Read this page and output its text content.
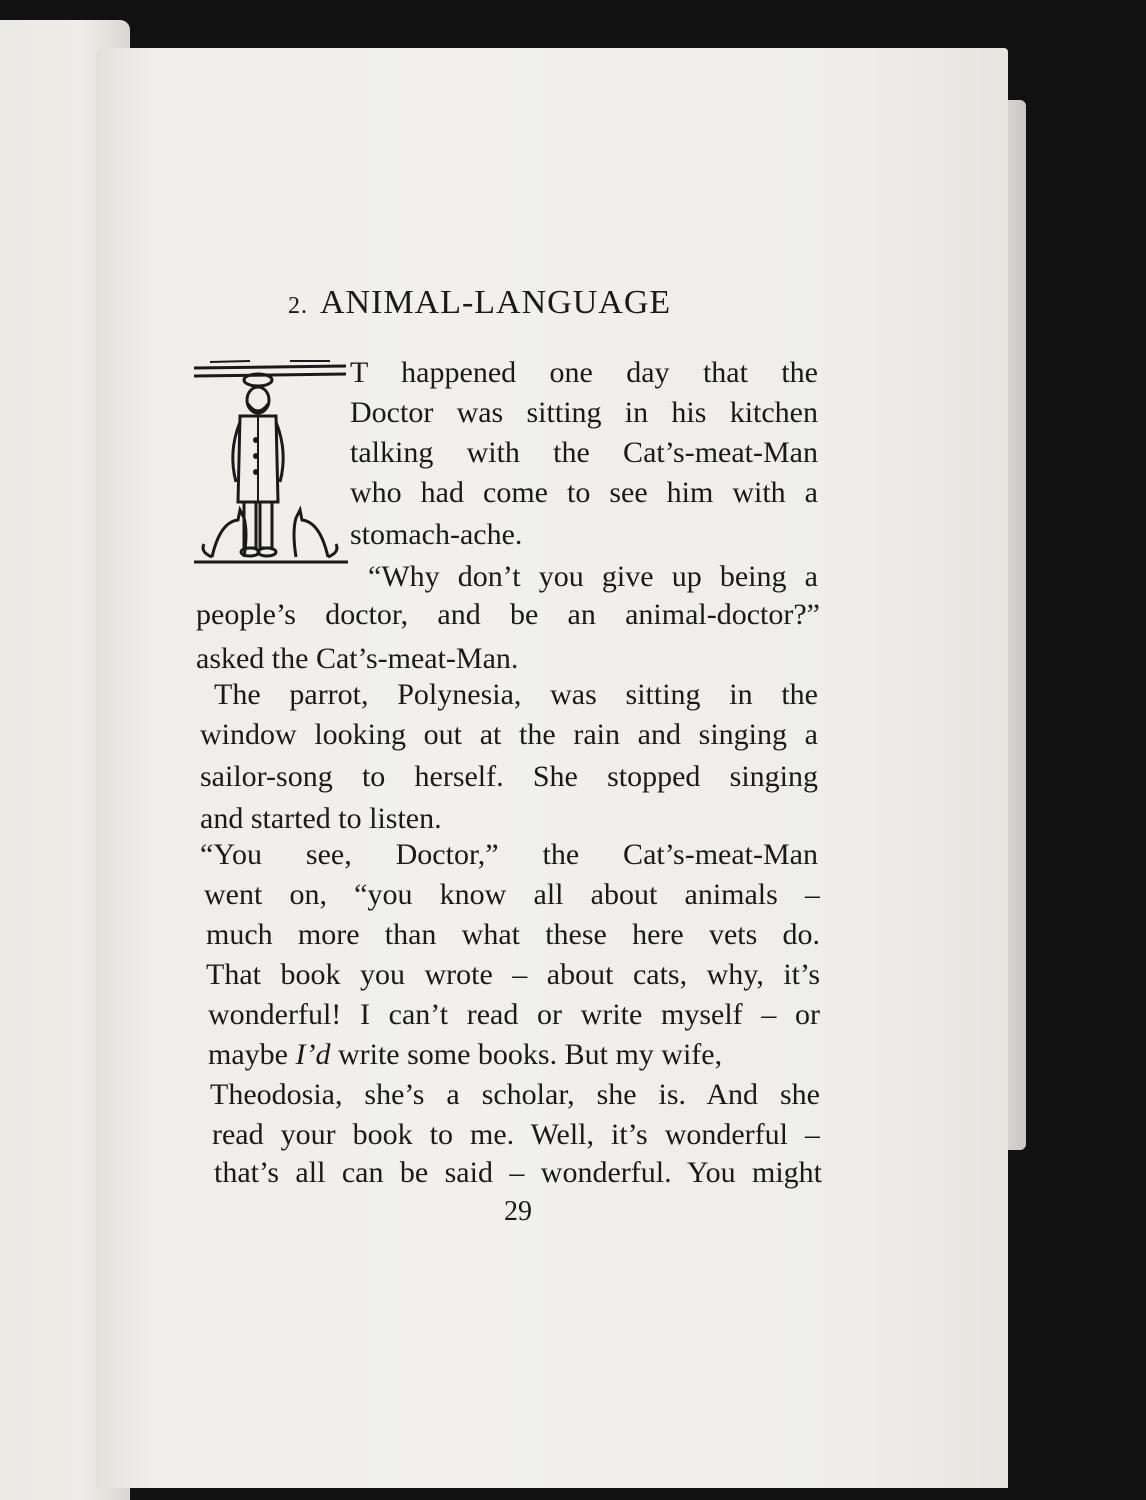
2. ANIMAL-LANGUAGE
T happened one day that the
Doctor was sitting in his kitchen
talking with the Cat’s-meat-Man
who had come to see him with a
stomach-ache.
“Why don’t you give up being a
people’s doctor, and be an animal-doctor?”
asked the Cat’s-meat-Man.
The parrot, Polynesia, was sitting in the
window looking out at the rain and singing a
sailor-song to herself. She stopped singing
and started to listen.
“You see, Doctor,” the Cat’s-meat-Man
went on, “you know all about animals –
much more than what these here vets do.
That book you wrote – about cats, why, it’s
wonderful! I can’t read or write myself – or
maybe I’d write some books. But my wife,
Theodosia, she’s a scholar, she is. And she
read your book to me. Well, it’s wonderful –
that’s all can be said – wonderful. You might
29
